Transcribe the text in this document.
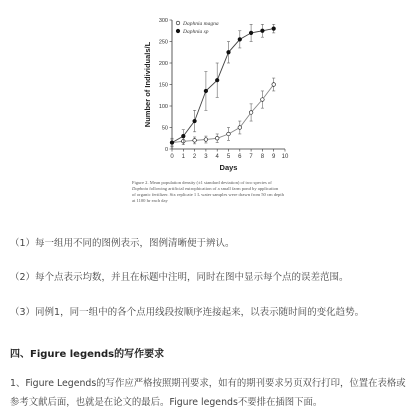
0 1 2 3 4 5 6 7 8 9 10
0
50
100
150
200
250
300
Days
Number of Individuals/L
Daphnia magna
Daphnia sp
Figure 2. Mean population density (±1 standard deviation) of two species of
Daphnia following artificial eutrophication of a small farm pond by application
of organic fertilizer. Six replicate 1 L water samples were drawn from 50 cm depth
at 1100 hr each day
（1）每一组用不同的图例表示，图例清晰便于辨认。
（2）每个点表示均数，并且在标题中注明，同时在图中显示每个点的误差范围。
（3）同例1，同一组中的各个点用线段按顺序连接起来，以表示随时间的变化趋势。
四、Figure legends的写作要求
1、Figure Legends的写作应严格按照期刊要求，如有的期刊要求另页双行打印，位置在表格或参考文献后面，也就是在论文的最后。Figure legends不要排在插图下面。
